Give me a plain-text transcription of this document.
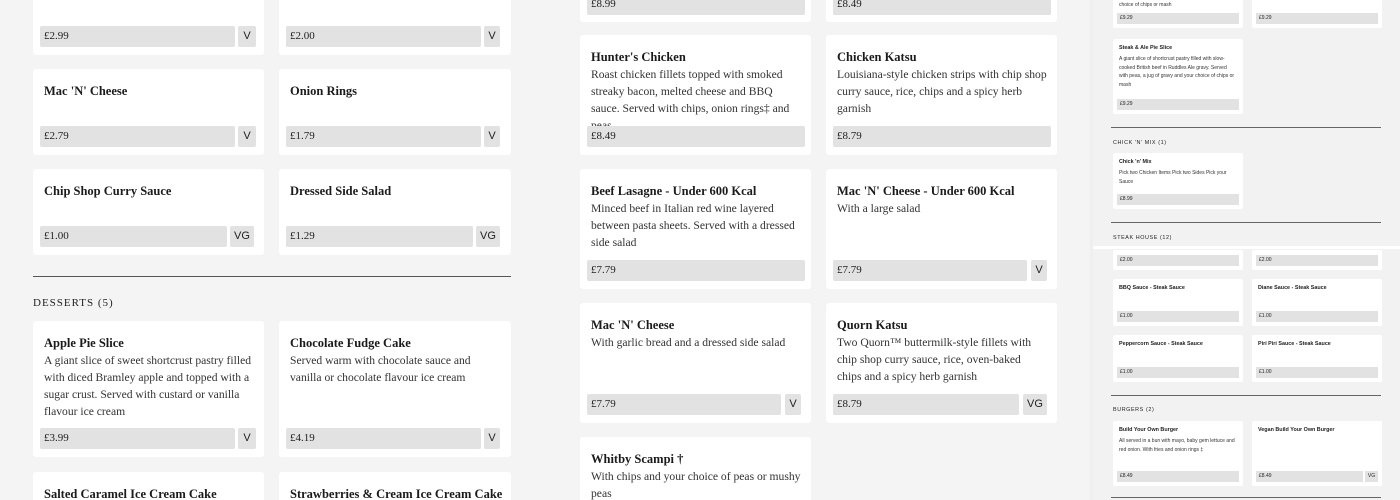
£2.99	V	£2.00	V
Mac 'N' Cheese
£2.79	V
Onion Rings
£1.79	V
Chip Shop Curry Sauce
£1.00	VG
Dressed Side Salad
£1.29	VG
DESSERTS (5)
Apple Pie Slice
A giant slice of sweet shortcrust pastry filled with diced Bramley apple and topped with a sugar crust. Served with custard or vanilla flavour ice cream
£3.99	V
Chocolate Fudge Cake
Served warm with chocolate sauce and vanilla or chocolate flavour ice cream
£4.19	V
Salted Caramel Ice Cream Cake	Strawberries & Cream Ice Cream Cake
£8.99	£8.49
Hunter's Chicken
Roast chicken fillets topped with smoked streaky bacon, melted cheese and BBQ sauce. Served with chips, onion rings‡ and
£8.49
Chicken Katsu
Louisiana-style chicken strips with chip shop curry sauce, rice, chips and a spicy herb garnish
£8.79
Beef Lasagne - Under 600 Kcal
Minced beef in Italian red wine layered between pasta sheets. Served with a dressed side salad
£7.79
Mac 'N' Cheese - Under 600 Kcal
With a large salad
£7.79	V
Mac 'N' Cheese
With garlic bread and a dressed side salad
£7.79	V
Quorn Katsu
Two Quorn™ buttermilk-style fillets with chip shop curry sauce, rice, oven-baked chips and a spicy herb garnish
£8.79	VG
Whitby Scampi †
With chips and your choice of peas or mushy peas
choice of chips or mash
£9.29	£9.29
Steak & Ale Pie Slice
A giant slice of shortcrust pastry filled with slow-cooked British beef in Ruddles Ale gravy. Served with peas, a jug of gravy and your choice of chips or mash
£9.29
CHICK 'N' MIX (1)
Chick 'n' Mix
Pick two Chicken Items Pick two Sides Pick your Sauce
£8.99
STEAK HOUSE (12)
£2.00	£2.00
BBQ Sauce - Steak Sauce
£1.00
Diane Sauce - Steak Sauce
£1.00
Peppercorn Sauce - Steak Sauce
£1.00
Piri Piri Sauce - Steak Sauce
£1.00
BURGERS (2)
Build Your Own Burger
All served in a bun with mayo, baby gem lettuce and red onion. With fries and onion rings ‡
£8.49
Vegan Build Your Own Burger
£8.49	VG
